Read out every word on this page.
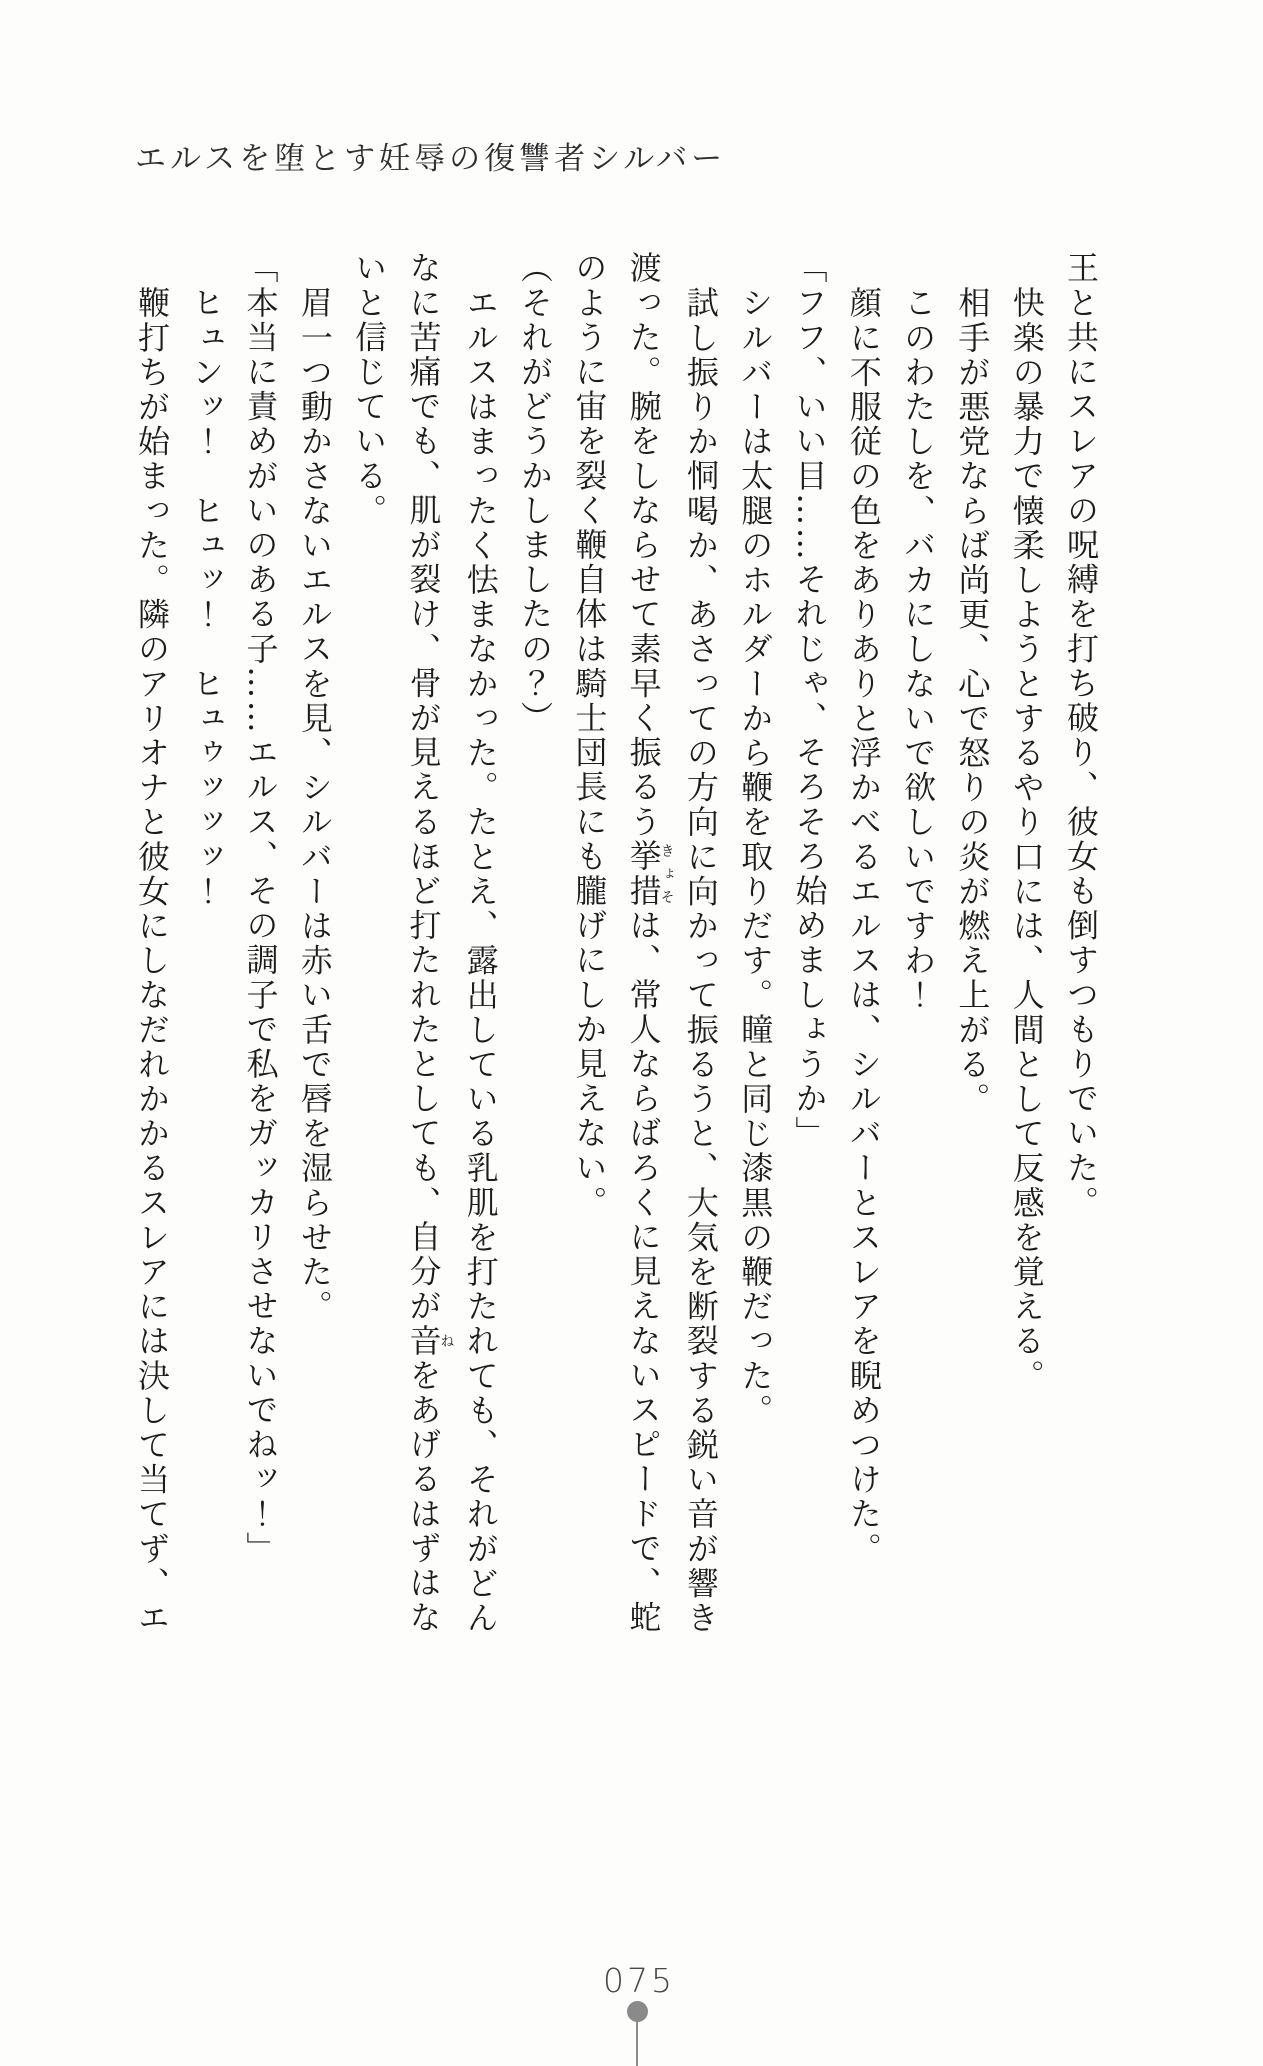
エルスを堕とす妊辱の復讐者シルバー

王と共にスレアの呪縛を打ち破り、彼女も倒すつもりでいた。

快楽の暴力で懐柔しようとするやり口には、人間として反感を覚える。

相手が悪党ならば尚更、心で怒りの炎が燃え上がる。

このわたしを、バカにしないで欲しいですわ！

顔に不服従の色をありありと浮かべるエルスは、シルバーとスレアを睨めつけた。

「フフ、いい目……それじゃ、そろそろ始めましょうか」

シルバーは太腿のホルダーから鞭を取りだす。瞳と同じ漆黒の鞭だった。

試し振りか恫喝か、あさっての方向に向かって振るうと、大気を断裂する鋭い音が響き

渡った。腕をしならせて素早く振るう挙措きょそは、常人ならばろくに見えないスピードで、蛇

のように宙を裂く鞭自体は騎士団長にも朧げにしか見えない。

（それがどうかしましたの？）

エルスはまったく怯まなかった。たとえ、露出している乳肌を打たれても、それがどん

なに苦痛でも、肌が裂け、骨が見えるほど打たれたとしても、自分が音ねをあげるはずはな

いと信じている。

眉一つ動かさないエルスを見、シルバーは赤い舌で唇を湿らせた。

「本当に責めがいのある子……エルス、その調子で私をガッカリさせないでねッ！」

ヒュンッ！　ヒュッ！　ヒュゥッッッ！

鞭打ちが始まった。隣のアリオナと彼女にしなだれかかるスレアには決して当てず、エ

075
